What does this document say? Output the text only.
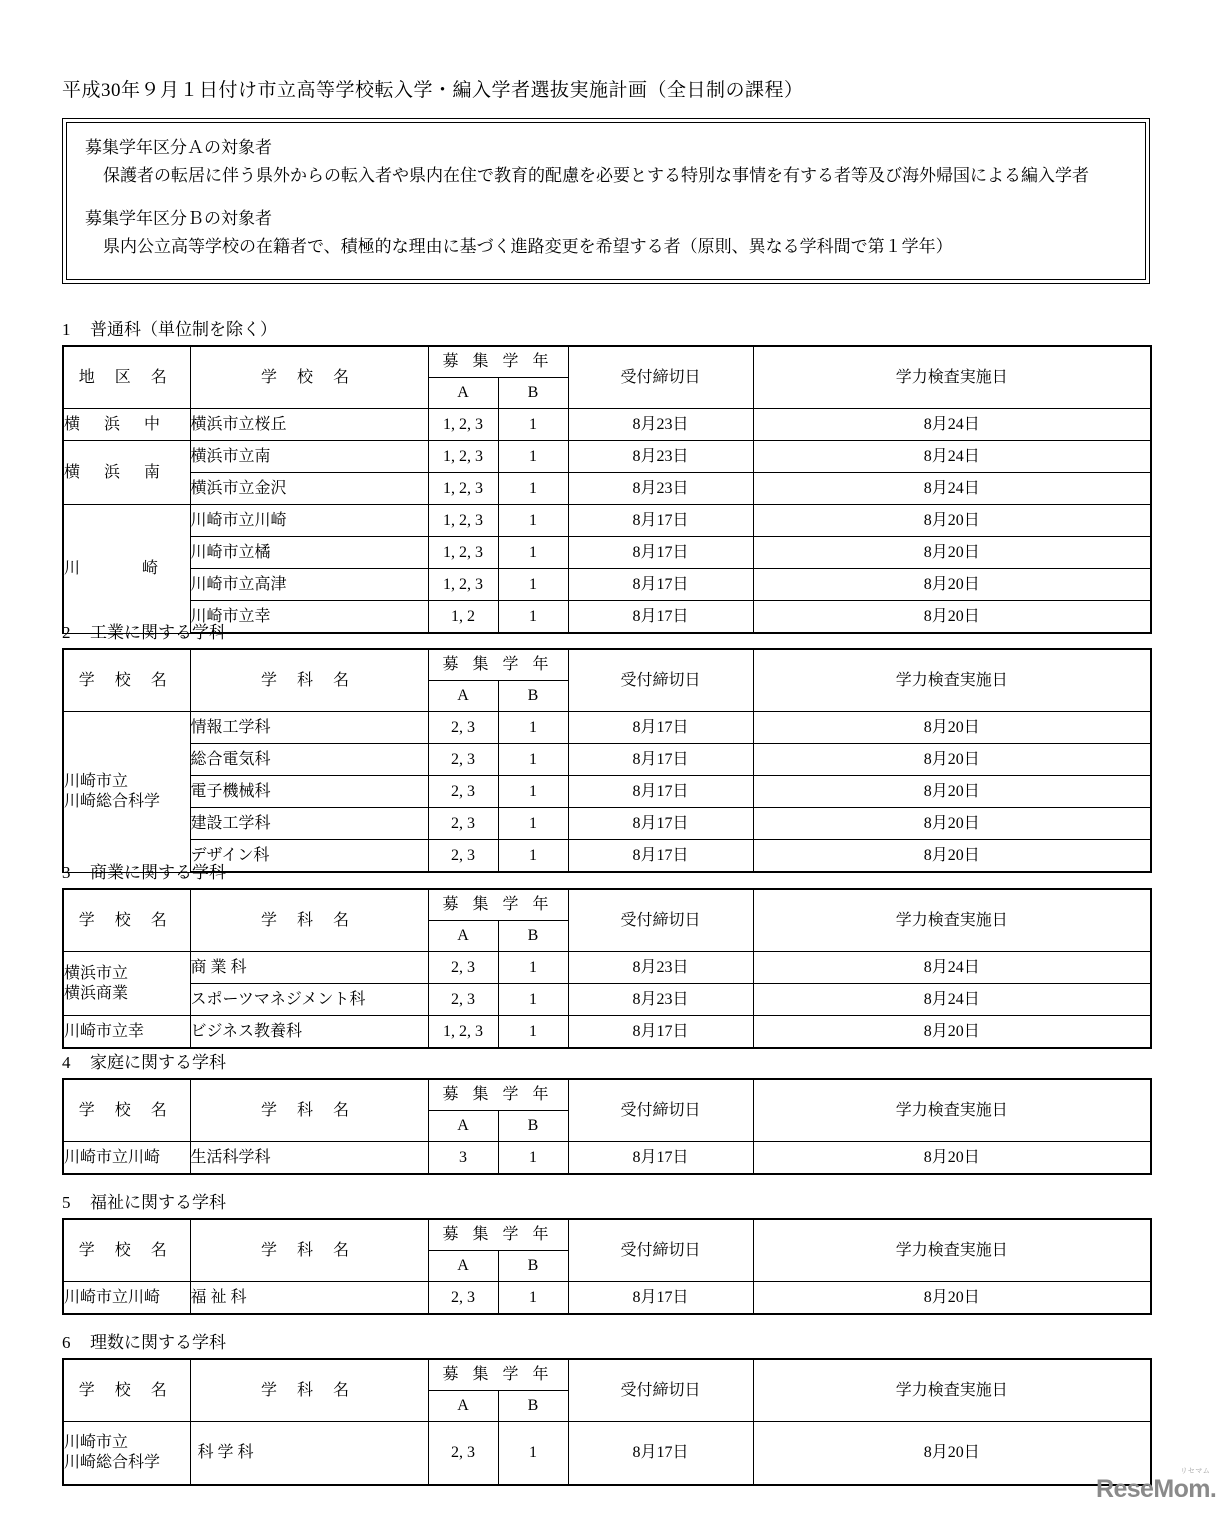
平成30年９月１日付け市立高等学校転入学・編入学者選抜実施計画（全日制の課程）

募集学年区分Ａの対象者

保護者の転居に伴う県外からの転入者や県内在住で教育的配慮を必要とする特別な事情を有する者等及び海外帰国による編入学者

募集学年区分Ｂの対象者

県内公立高等学校の在籍者で、積極的な理由に基づく進路変更を希望する者（原則、異なる学科間で第１学年）

1 普通科（単位制を除く）
地 区 名	学 校 名	募 集 学 年		受付締切日	学力検査実施日
		A	B		
横 浜 中	横浜市立桜丘	1, 2, 3	1	8月23日	8月24日
横 浜 南	横浜市立南	1, 2, 3	1	8月23日	8月24日
	横浜市立金沢	1, 2, 3	1	8月23日	8月24日
川　　崎	川崎市立川崎	1, 2, 3	1	8月17日	8月20日
	川崎市立橘	1, 2, 3	1	8月17日	8月20日
	川崎市立高津	1, 2, 3	1	8月17日	8月20日
	川崎市立幸	1, 2	1	8月17日	8月20日
2 工業に関する学科
学 校 名	学 科 名	募 集 学 年		受付締切日	学力検査実施日
		A	B		

川崎市立
川崎総合科学	情報工学科	2, 3	1	8月17日	8月20日
	総合電気科	2, 3	1	8月17日	8月20日
	電子機械科	2, 3	1	8月17日	8月20日
	建設工学科	2, 3	1	8月17日	8月20日
	デザイン科	2, 3	1	8月17日	8月20日
3 商業に関する学科
学 校 名	学 科 名	募 集 学 年		受付締切日	学力検査実施日
		A	B		

横浜市立
横浜商業	商 業 科	2, 3	1	8月23日	8月24日
	スポーツマネジメント科	2, 3	1	8月23日	8月24日
川崎市立幸	ビジネス教養科	1, 2, 3	1	8月17日	8月20日
4 家庭に関する学科
学 校 名	学 科 名	募 集 学 年		受付締切日	学力検査実施日
		A	B		
川崎市立川崎	生活科学科	3	1	8月17日	8月20日
5 福祉に関する学科
学 校 名	学 科 名	募 集 学 年		受付締切日	学力検査実施日
		A	B		
川崎市立川崎	福 祉 科	2, 3	1	8月17日	8月20日
6 理数に関する学科
学 校 名	学 科 名	募 集 学 年		受付締切日	学力検査実施日
		A	B		

川崎市立
川崎総合科学	科 学 科	2, 3	1	8月17日	8月20日
リセマム
ReseMom.
